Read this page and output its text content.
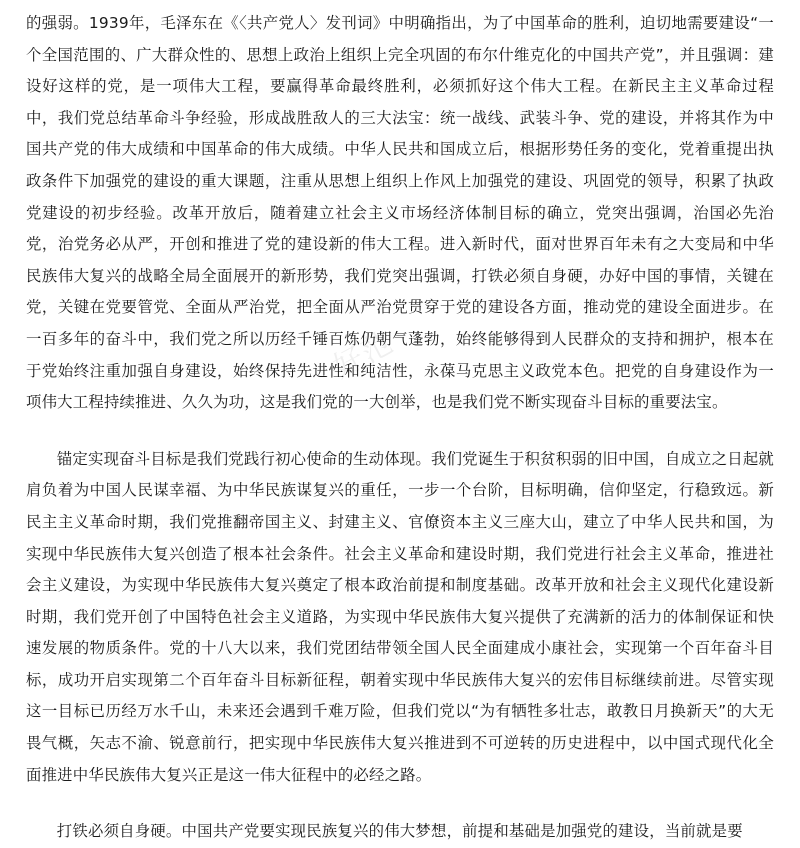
的强弱。1939年，毛泽东在《〈共产党人〉发刊词》中明确指出，为了中国革命的胜利，迫切地需要建设“一个全国范围的、广大群众性的、思想上政治上组织上完全巩固的布尔什维克化的中国共产党”，并且强调：建设好这样的党，是一项伟大工程，要赢得革命最终胜利，必须抓好这个伟大工程。在新民主主义革命过程中，我们党总结革命斗争经验，形成战胜敌人的三大法宝：统一战线、武装斗争、党的建设，并将其作为中国共产党的伟大成绩和中国革命的伟大成绩。中华人民共和国成立后，根据形势任务的变化，党着重提出执政条件下加强党的建设的重大课题，注重从思想上组织上作风上加强党的建设、巩固党的领导，积累了执政党建设的初步经验。改革开放后，随着建立社会主义市场经济体制目标的确立，党突出强调，治国必先治党，治党务必从严，开创和推进了党的建设新的伟大工程。进入新时代，面对世界百年未有之大变局和中华民族伟大复兴的战略全局全面展开的新形势，我们党突出强调，打铁必须自身硬，办好中国的事情，关键在党，关键在党要管党、全面从严治党，把全面从严治党贯穿于党的建设各方面，推动党的建设全面进步。在一百多年的奋斗中，我们党之所以历经千锤百炼仍朝气蓬勃，始终能够得到人民群众的支持和拥护，根本在于党始终注重加强自身建设，始终保持先进性和纯洁性，永葆马克思主义政党本色。把党的自身建设作为一项伟大工程持续推进、久久为功，这是我们党的一大创举，也是我们党不断实现奋斗目标的重要法宝。

锚定实现奋斗目标是我们党践行初心使命的生动体现。我们党诞生于积贫积弱的旧中国，自成立之日起就肩负着为中国人民谋幸福、为中华民族谋复兴的重任，一步一个台阶，目标明确，信仰坚定，行稳致远。新民主主义革命时期，我们党推翻帝国主义、封建主义、官僚资本主义三座大山，建立了中华人民共和国，为实现中华民族伟大复兴创造了根本社会条件。社会主义革命和建设时期，我们党进行社会主义革命，推进社会主义建设，为实现中华民族伟大复兴奠定了根本政治前提和制度基础。改革开放和社会主义现代化建设新时期，我们党开创了中国特色社会主义道路，为实现中华民族伟大复兴提供了充满新的活力的体制保证和快速发展的物质条件。党的十八大以来，我们党团结带领全国人民全面建成小康社会，实现第一个百年奋斗目标，成功开启实现第二个百年奋斗目标新征程，朝着实现中华民族伟大复兴的宏伟目标继续前进。尽管实现这一目标已历经万水千山，未来还会遇到千难万险，但我们党以“为有牺牲多壮志，敢教日月换新天”的大无畏气概，矢志不渝、锐意前行，把实现中华民族伟大复兴推进到不可逆转的历史进程中，以中国式现代化全面推进中华民族伟大复兴正是这一伟大征程中的必经之路。

打铁必须自身硬。中国共产党要实现民族复兴的伟大梦想，前提和基础是加强党的建设，当前就是要

好范
